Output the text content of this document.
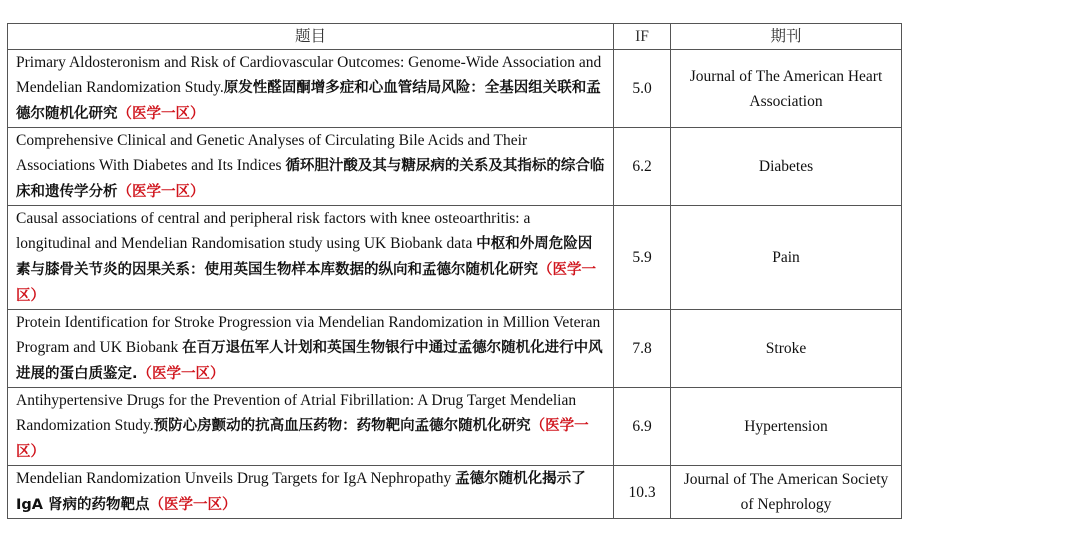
题目	IF	期刊
Primary Aldosteronism and Risk of Cardiovascular Outcomes: Genome-Wide Association and Mendelian Randomization Study.原发性醛固酮增多症和心血管结局风险：全基因组关联和孟德尔随机化研究（医学一区）	5.0	Journal of The American Heart Association
Comprehensive Clinical and Genetic Analyses of Circulating Bile Acids and Their Associations With Diabetes and Its Indices 循环胆汁酸及其与糖尿病的关系及其指标的综合临床和遗传学分析（医学一区）	6.2	Diabetes
Causal associations of central and peripheral risk factors with knee osteoarthritis: a longitudinal and Mendelian Randomisation study using UK Biobank data 中枢和外周危险因素与膝骨关节炎的因果关系：使用英国生物样本库数据的纵向和孟德尔随机化研究（医学一区）	5.9	Pain
Protein Identification for Stroke Progression via Mendelian Randomization in Million Veteran Program and UK Biobank 在百万退伍军人计划和英国生物银行中通过孟德尔随机化进行中风进展的蛋白质鉴定.（医学一区）	7.8	Stroke
Antihypertensive Drugs for the Prevention of Atrial Fibrillation: A Drug Target Mendelian Randomization Study.预防心房颤动的抗高血压药物：药物靶向孟德尔随机化研究（医学一区）	6.9	Hypertension
Mendelian Randomization Unveils Drug Targets for IgA Nephropathy 孟德尔随机化揭示了 IgA 肾病的药物靶点（医学一区）	10.3	Journal of The American Society of Nephrology
